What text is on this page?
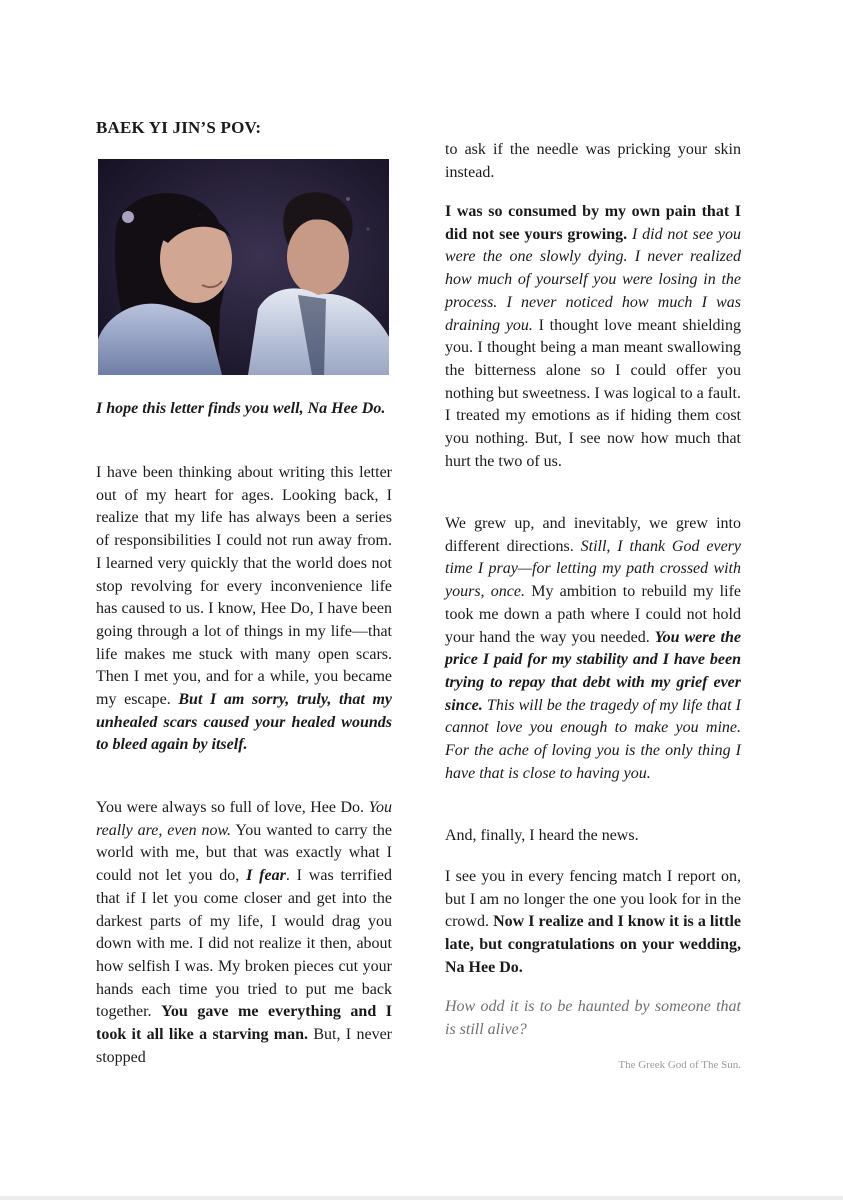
BAEK YI JIN’S POV:

I hope this letter finds you well, Na Hee Do.

I have been thinking about writing this letter out of my heart for ages. Looking back, I realize that my life has always been a series of responsibilities I could not run away from. I learned very quickly that the world does not stop revolving for every inconvenience life has caused to us. I know, Hee Do, I have been going through a lot of things in my life—that life makes me stuck with many open scars. Then I met you, and for a while, you became my escape. But I am sorry, truly, that my unhealed scars caused your healed wounds to bleed again by itself.

You were always so full of love, Hee Do. You really are, even now. You wanted to carry the world with me, but that was exactly what I could not let you do, I fear. I was terrified that if I let you come closer and get into the darkest parts of my life, I would drag you down with me. I did not realize it then, about how selfish I was. My broken pieces cut your hands each time you tried to put me back together. You gave me everything and I took it all like a starving man. But, I never stopped

to ask if the needle was pricking your skin instead.

I was so consumed by my own pain that I did not see yours growing. I did not see you were the one slowly dying. I never realized how much of yourself you were losing in the process. I never noticed how much I was draining you. I thought love meant shielding you. I thought being a man meant swallowing the bitterness alone so I could offer you nothing but sweetness. I was logical to a fault. I treated my emotions as if hiding them cost you nothing. But, I see now how much that hurt the two of us.

We grew up, and inevitably, we grew into different directions. Still, I thank God every time I pray—for letting my path crossed with yours, once. My ambition to rebuild my life took me down a path where I could not hold your hand the way you needed. You were the price I paid for my stability and I have been trying to repay that debt with my grief ever since. This will be the tragedy of my life that I cannot love you enough to make you mine. For the ache of loving you is the only thing I have that is close to having you.

And, finally, I heard the news.

I see you in every fencing match I report on, but I am no longer the one you look for in the crowd. Now I realize and I know it is a little late, but congratulations on your wedding, Na Hee Do.

How odd it is to be haunted by someone that is still alive?

The Greek God of The Sun.
